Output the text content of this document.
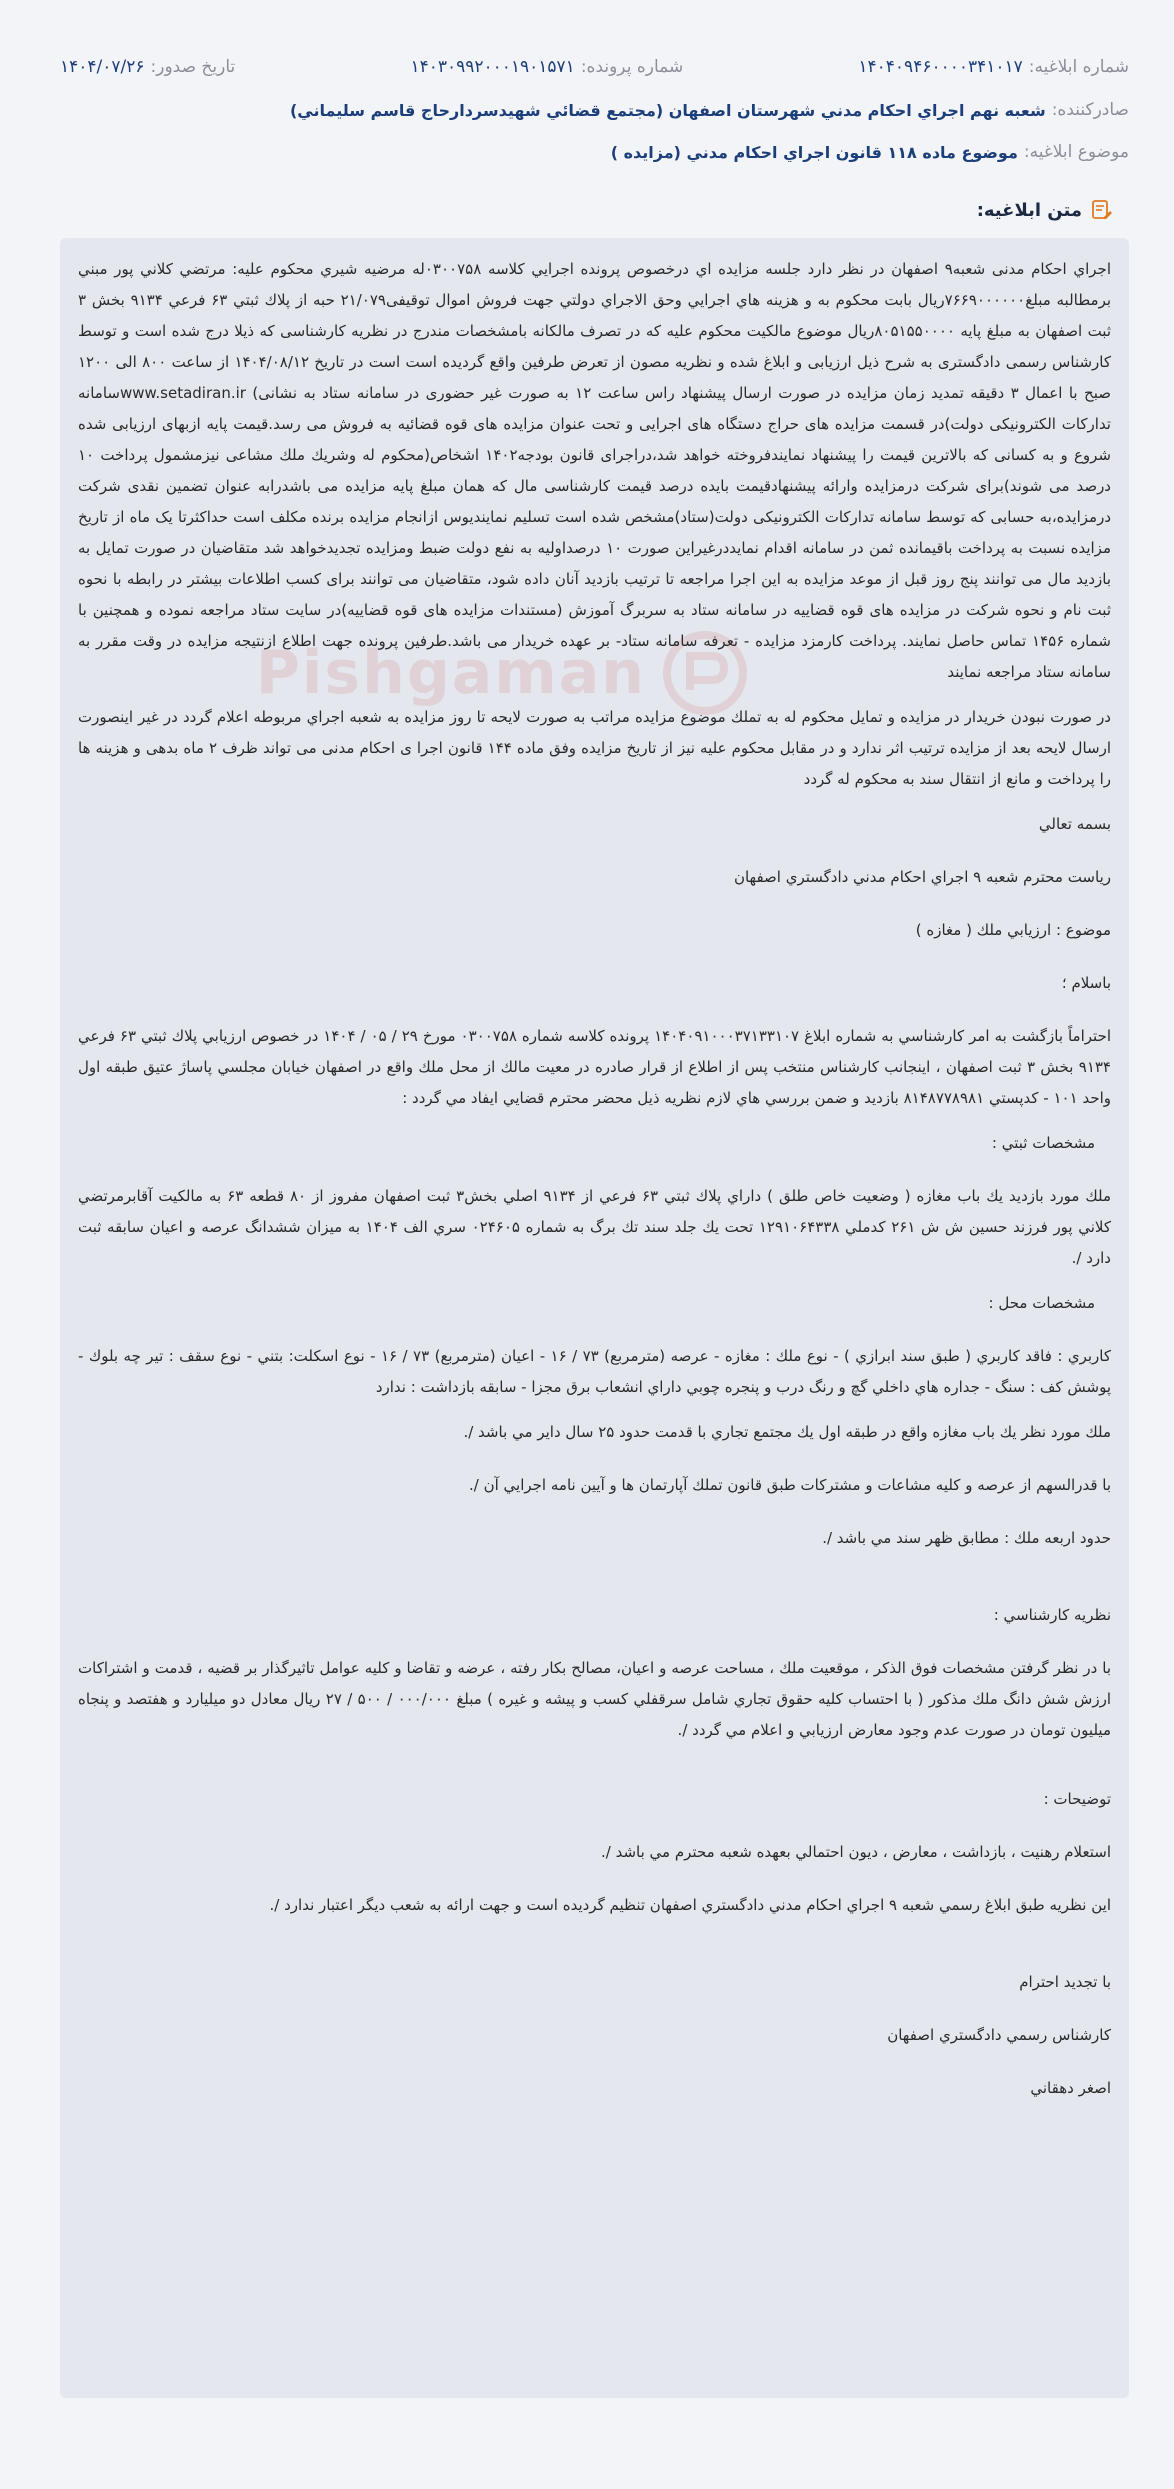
شماره ابلاغیه:
۱۴۰۴۰۹۴۶۰۰۰۰۳۴۱۰۱۷
شماره پرونده:
۱۴۰۳۰۹۹۲۰۰۰۱۹۰۱۵۷۱
تاریخ صدور:
۱۴۰۴/۰۷/۲۶
صادرکننده:
شعبه نهم اجراي احكام مدني شهرستان اصفهان (مجتمع قضائي شهيدسردارحاج قاسم سليماني)
موضوع ابلاغیه:
موضوع ماده ۱۱۸ قانون اجراي احكام مدني (مزايده )
متن ابلاغیه:
Pishgaman

اجراي احكام مدنی شعبه۹ اصفهان در نظر دارد جلسه مزايده اي درخصوص پرونده اجرايي كلاسه ۰۳۰۰۷۵۸له مرضيه شيري محكوم عليه: مرتضي كلاني پور مبني برمطالبه مبلغ۷۶۶۹۰۰۰۰۰۰ریال بابت محكوم به و هزينه هاي اجرايي وحق الاجراي دولتي جهت فروش اموال توقيفی۲۱/۰۷۹ حبه از پلاك ثبتي ۶۳ فرعي ۹۱۳۴ بخش ۳ ثبت اصفهان به مبلغ پايه ۸۰۵۱۵۵۰۰۰۰ريال موضوع مالكيت محكوم عليه كه در تصرف مالكانه بامشخصات مندرج در نظريه كارشناسی كه ذيلا درج شده است و توسط كارشناس رسمی دادگستری به شرح ذيل ارزيابی و ابلاغ شده و نظريه مصون از تعرض طرفين واقع گرديده است است در تاريخ ۱۴۰۴/۰۸/۱۲ از ساعت ۸۰۰ الی ۱۲۰۰ صبح با اعمال ۳ دقيقه تمديد زمان مزايده در صورت ارسال پيشنهاد راس ساعت ۱۲ به صورت غير حضوری در سامانه ستاد به نشانی) www.setadiran.irسامانه تداركات الكترونيكی دولت)در قسمت مزايده های حراج دستگاه های اجرايی و تحت عنوان مزايده های قوه قضائيه به فروش می رسد.قيمت پايه ازبهای ارزيابی شده شروع و به كسانی كه بالاترين قيمت را پيشنهاد نمايندفروخته خواهد شد،دراجرای قانون بودجه۱۴۰۲ اشخاص(محكوم له وشريك ملك مشاعی نيزمشمول پرداخت ۱۰ درصد می شوند)برای شركت درمزايده وارائه پيشنهادقيمت بايده درصد قيمت كارشناسی مال كه همان مبلغ پايه مزايده می باشدرابه عنوان تضمين نقدی شركت درمزايده،به حسابی كه توسط سامانه تداركات الكترونيكی دولت(ستاد)مشخص شده است تسليم نماينديوس ازانجام مزايده برنده مكلف است حداكثرتا يک ماه از تاريخ مزايده نسبت به پرداخت باقيمانده ثمن در سامانه اقدام نمايددرغيراين صورت ۱۰ درصداوليه به نفع دولت ضبط ومزايده تجديدخواهد شد متقاضيان در صورت تمايل به بازديد مال می توانند پنج روز قبل از موعد مزايده به اين اجرا مراجعه تا ترتيب بازديد آنان داده شود، متقاضيان می توانند برای كسب اطلاعات بيشتر در رابطه با نحوه ثبت نام و نحوه شركت در مزايده های قوه قضاييه در سامانه ستاد به سربرگ آموزش (مستندات مزايده های قوه قضاييه)در سايت ستاد مراجعه نموده و همچنين با شماره ۱۴۵۶ تماس حاصل نمايند. پرداخت كارمزد مزايده - تعرفه سامانه ستاد- بر عهده خريدار می باشد.طرفين پرونده جهت اطلاع ازنتيجه مزايده در وقت مقرر به سامانه ستاد مراجعه نمايند

در صورت نبودن خريدار در مزايده و تمايل محكوم له به تملك موضوع مزايده مراتب به صورت لايحه تا روز مزايده به شعبه اجراي مربوطه اعلام گردد در غير اينصورت ارسال لايحه بعد از مزايده ترتيب اثر ندارد و در مقابل محكوم عليه نيز از تاريخ مزايده وفق ماده ۱۴۴ قانون اجرا ی احكام مدنی می تواند ظرف ۲ ماه بدهی و هزينه ها را پرداخت و مانع از انتقال سند به محكوم له گردد

بسمه تعالي
رياست محترم شعبه ۹ اجراي احكام مدني دادگستري اصفهان
موضوع : ارزيابي ملك ( مغازه )
باسلام ؛

احتراماً بازگشت به امر كارشناسي به شماره ابلاغ ۱۴۰۴۰۹۱۰۰۰۳۷۱۳۳۱۰۷ پرونده كلاسه شماره ۰۳۰۰۷۵۸ مورخ ۲۹ / ۰۵ / ۱۴۰۴ در خصوص ارزيابي پلاك ثبتي ۶۳ فرعي ۹۱۳۴ بخش ۳ ثبت اصفهان ، اينجانب كارشناس منتخب پس از اطلاع از قرار صادره در معيت مالك از محل ملك واقع در اصفهان خيابان مجلسي پاساژ عتيق طبقه اول واحد ۱۰۱ - كدپستي ۸۱۴۸۷۷۸۹۸۱ بازديد و ضمن بررسي هاي لازم نظريه ذيل محضر محترم قضايي ايفاد مي گردد :

مشخصات ثبتي :

ملك مورد بازديد يك باب مغازه ( وضعيت خاص طلق ) داراي پلاك ثبتي ۶۳ فرعي از ۹۱۳۴ اصلي بخش۳ ثبت اصفهان مفروز از ۸۰ قطعه ۶۳ به مالكيت آقابرمرتضي كلاني پور فرزند حسين ش ش ۲۶۱ كدملي ۱۲۹۱۰۶۴۳۳۸ تحت يك جلد سند تك برگ به شماره ۰۲۴۶۰۵ سري الف ۱۴۰۴ به ميزان ششدانگ عرصه و اعيان سابقه ثبت دارد /.

مشخصات محل :

كاربري : فاقد كاربري ( طبق سند ابرازي ) - نوع ملك : مغازه - عرصه (مترمربع) ۷۳ / ۱۶ - اعيان (مترمربع) ۷۳ / ۱۶ - نوع اسكلت: بتني - نوع سقف : تير چه بلوك - پوشش كف : سنگ - جداره هاي داخلي گچ و رنگ درب و پنجره چوبي داراي انشعاب برق مجزا - سابقه بازداشت : ندارد

ملك مورد نظر يك باب مغازه واقع در طبقه اول يك مجتمع تجاري با قدمت حدود ۲۵ سال داير مي باشد /.
با قدرالسهم از عرصه و كليه مشاعات و مشتركات طبق قانون تملك آپارتمان ها و آيين نامه اجرايي آن /.
حدود اربعه ملك : مطابق ظهر سند مي باشد /.
نظريه كارشناسي :

با در نظر گرفتن مشخصات فوق الذكر ، موقعيت ملك ، مساحت عرصه و اعيان، مصالح بكار رفته ، عرضه و تقاضا و كليه عوامل تاثيرگذار بر قضيه ، قدمت و اشتراكات ارزش شش دانگ ملك مذكور ( با احتساب كليه حقوق تجاري شامل سرقفلي كسب و پيشه و غيره ) مبلغ ۰۰۰/۰۰۰ / ۵۰۰ / ۲۷ ريال معادل دو ميليارد و هفتصد و پنجاه ميليون تومان در صورت عدم وجود معارض ارزيابي و اعلام مي گردد /.

توضيحات :
استعلام رهنيت ، بازداشت ، معارض ، ديون احتمالي بعهده شعبه محترم مي باشد /.
اين نظريه طبق ابلاغ رسمي شعبه ۹ اجراي احكام مدني دادگستري اصفهان تنظيم گرديده است و جهت ارائه به شعب ديگر اعتبار ندارد /.
با تجديد احترام
كارشناس رسمي دادگستري اصفهان
اصغر دهقاني
